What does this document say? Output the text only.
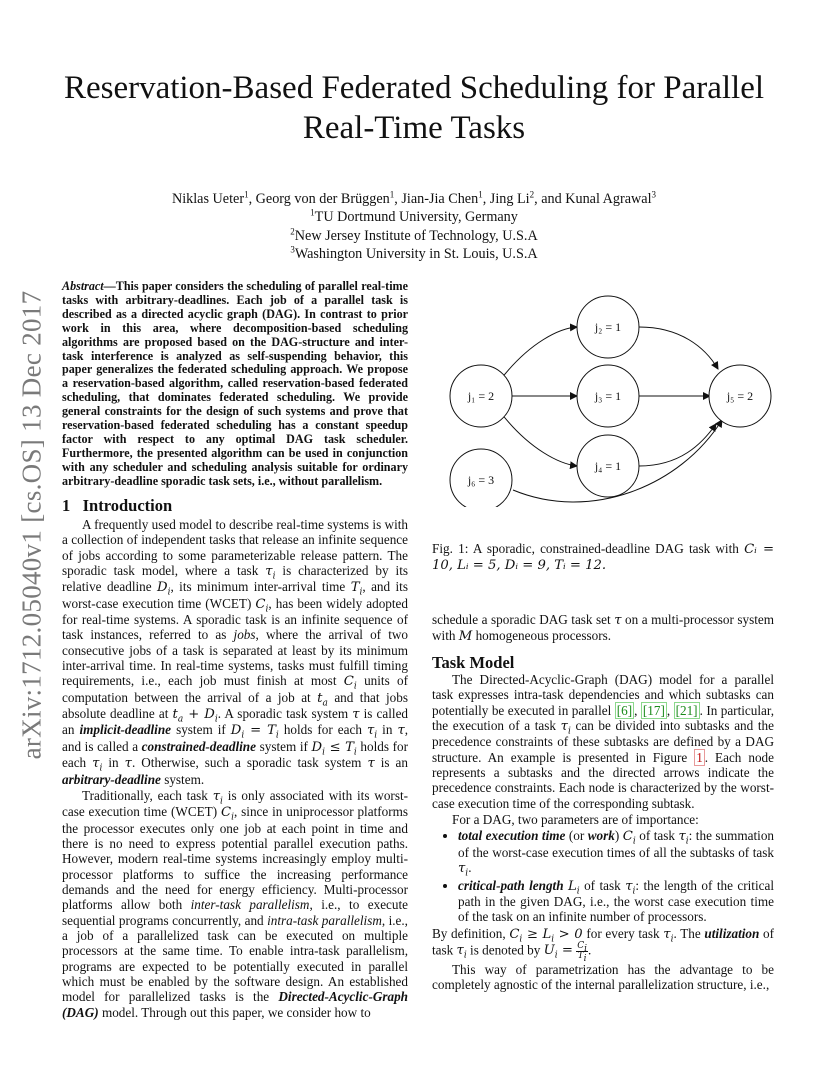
arXiv:1712.05040v1 [cs.OS] 13 Dec 2017
Reservation-Based Federated Scheduling for Parallel
Real-Time Tasks
Niklas Ueter$^1$, Georg von der Brüggen$^1$, Jian-Jia Chen$^1$, Jing Li$^2$, and Kunal Agrawal$^3$
$^1$TU Dortmund University, Germany
$^2$New Jersey Institute of Technology, U.S.A
$^3$Washington University in St. Louis, U.S.A
Abstract—This paper considers the scheduling of parallel real-time tasks with arbitrary-deadlines. Each job of a parallel task is described as a directed acyclic graph (DAG). In contrast to prior work in this area, where decomposition-based scheduling algorithms are proposed based on the DAG-structure and inter-task interference is analyzed as self-suspending behavior, this paper generalizes the federated scheduling approach. We propose a reservation-based algorithm, called reservation-based federated scheduling, that dominates federated scheduling. We provide general constraints for the design of such systems and prove that reservation-based federated scheduling has a constant speedup factor with respect to any optimal DAG task scheduler. Furthermore, the presented algorithm can be used in conjunction with any scheduler and scheduling analysis suitable for ordinary arbitrary-deadline sporadic task sets, i.e., without parallelism.
1 Introduction

A frequently used model to describe real-time systems is with a collection of independent tasks that release an infinite sequence of jobs according to some parameterizable release pattern. The sporadic task model, where a task $\tau_i$ is characterized by its relative deadline $D_i$, its minimum inter-arrival time $T_i$, and its worst-case execution time (WCET) $C_i$, has been widely adopted for real-time systems. A sporadic task is an infinite sequence of task instances, referred to as jobs, where the arrival of two consecutive jobs of a task is separated at least by its minimum inter-arrival time. In real-time systems, tasks must fulfill timing requirements, i.e., each job must finish at most $C_i$ units of computation between the arrival of a job at $t_a$ and that jobs absolute deadline at $t_a + D_i$. A sporadic task system τ is called an implicit-deadline system if $D_i = T_i$ holds for each $\tau_i$ in τ, and is called a constrained-deadline system if $D_i \le T_i$ holds for each $\tau_i$ in τ. Otherwise, such a sporadic task system τ is an arbitrary-deadline system.

Traditionally, each task $\tau_i$ is only associated with its worst-case execution time (WCET) $C_i$, since in uniprocessor platforms the processor executes only one job at each point in time and there is no need to express potential parallel execution paths. However, modern real-time systems increasingly employ multi-processor platforms to suffice the increasing performance demands and the need for energy efficiency. Multi-processor platforms allow both inter-task parallelism, i.e., to execute sequential programs concurrently, and intra-task parallelism, i.e., a job of a parallelized task can be executed on multiple processors at the same time. To enable intra-task parallelism, programs are expected to be potentially executed in parallel which must be enabled by the software design. An established model for parallelized tasks is the Directed-Acyclic-Graph (DAG) model. Through out this paper, we consider how to

j₁ = 2
j₂ = 1
j₃ = 1
j₄ = 1
j₅ = 2
j₆ = 3
Fig. 1: A sporadic, constrained-deadline DAG task with Cᵢ = 10, Lᵢ = 5, Dᵢ = 9, Tᵢ = 12.

schedule a sporadic DAG task set τ on a multi-processor system with M homogeneous processors.

Task Model

The Directed-Acyclic-Graph (DAG) model for a parallel task expresses intra-task dependencies and which subtasks can potentially be executed in parallel [6] , [17] , [21] . In particular, the execution of a task $\tau_i$ can be divided into subtasks and the precedence constraints of these subtasks are defined by a DAG structure. An example is presented in Figure 1 . Each node represents a subtasks and the directed arrows indicate the precedence constraints. Each node is characterized by the worst-case execution time of the corresponding subtask.

For a DAG, two parameters are of importance:

• total execution time (or work) $C_i$ of task $\tau_i$: the summation of the worst-case execution times of all the subtasks of task $\tau_i$.
• critical-path length $L_i$ of task $\tau_i$: the length of the critical path in the given DAG, i.e., the worst case execution time of the task on an infinite number of processors.

By definition, $C_i \ge L_i > 0$ for every task $\tau_i$. The utilization of task $\tau_i$ is denoted by $U_i = \frac{C_i}{T_i}$ .

This way of parametrization has the advantage to be completely agnostic of the internal parallelization structure, i.e.,
